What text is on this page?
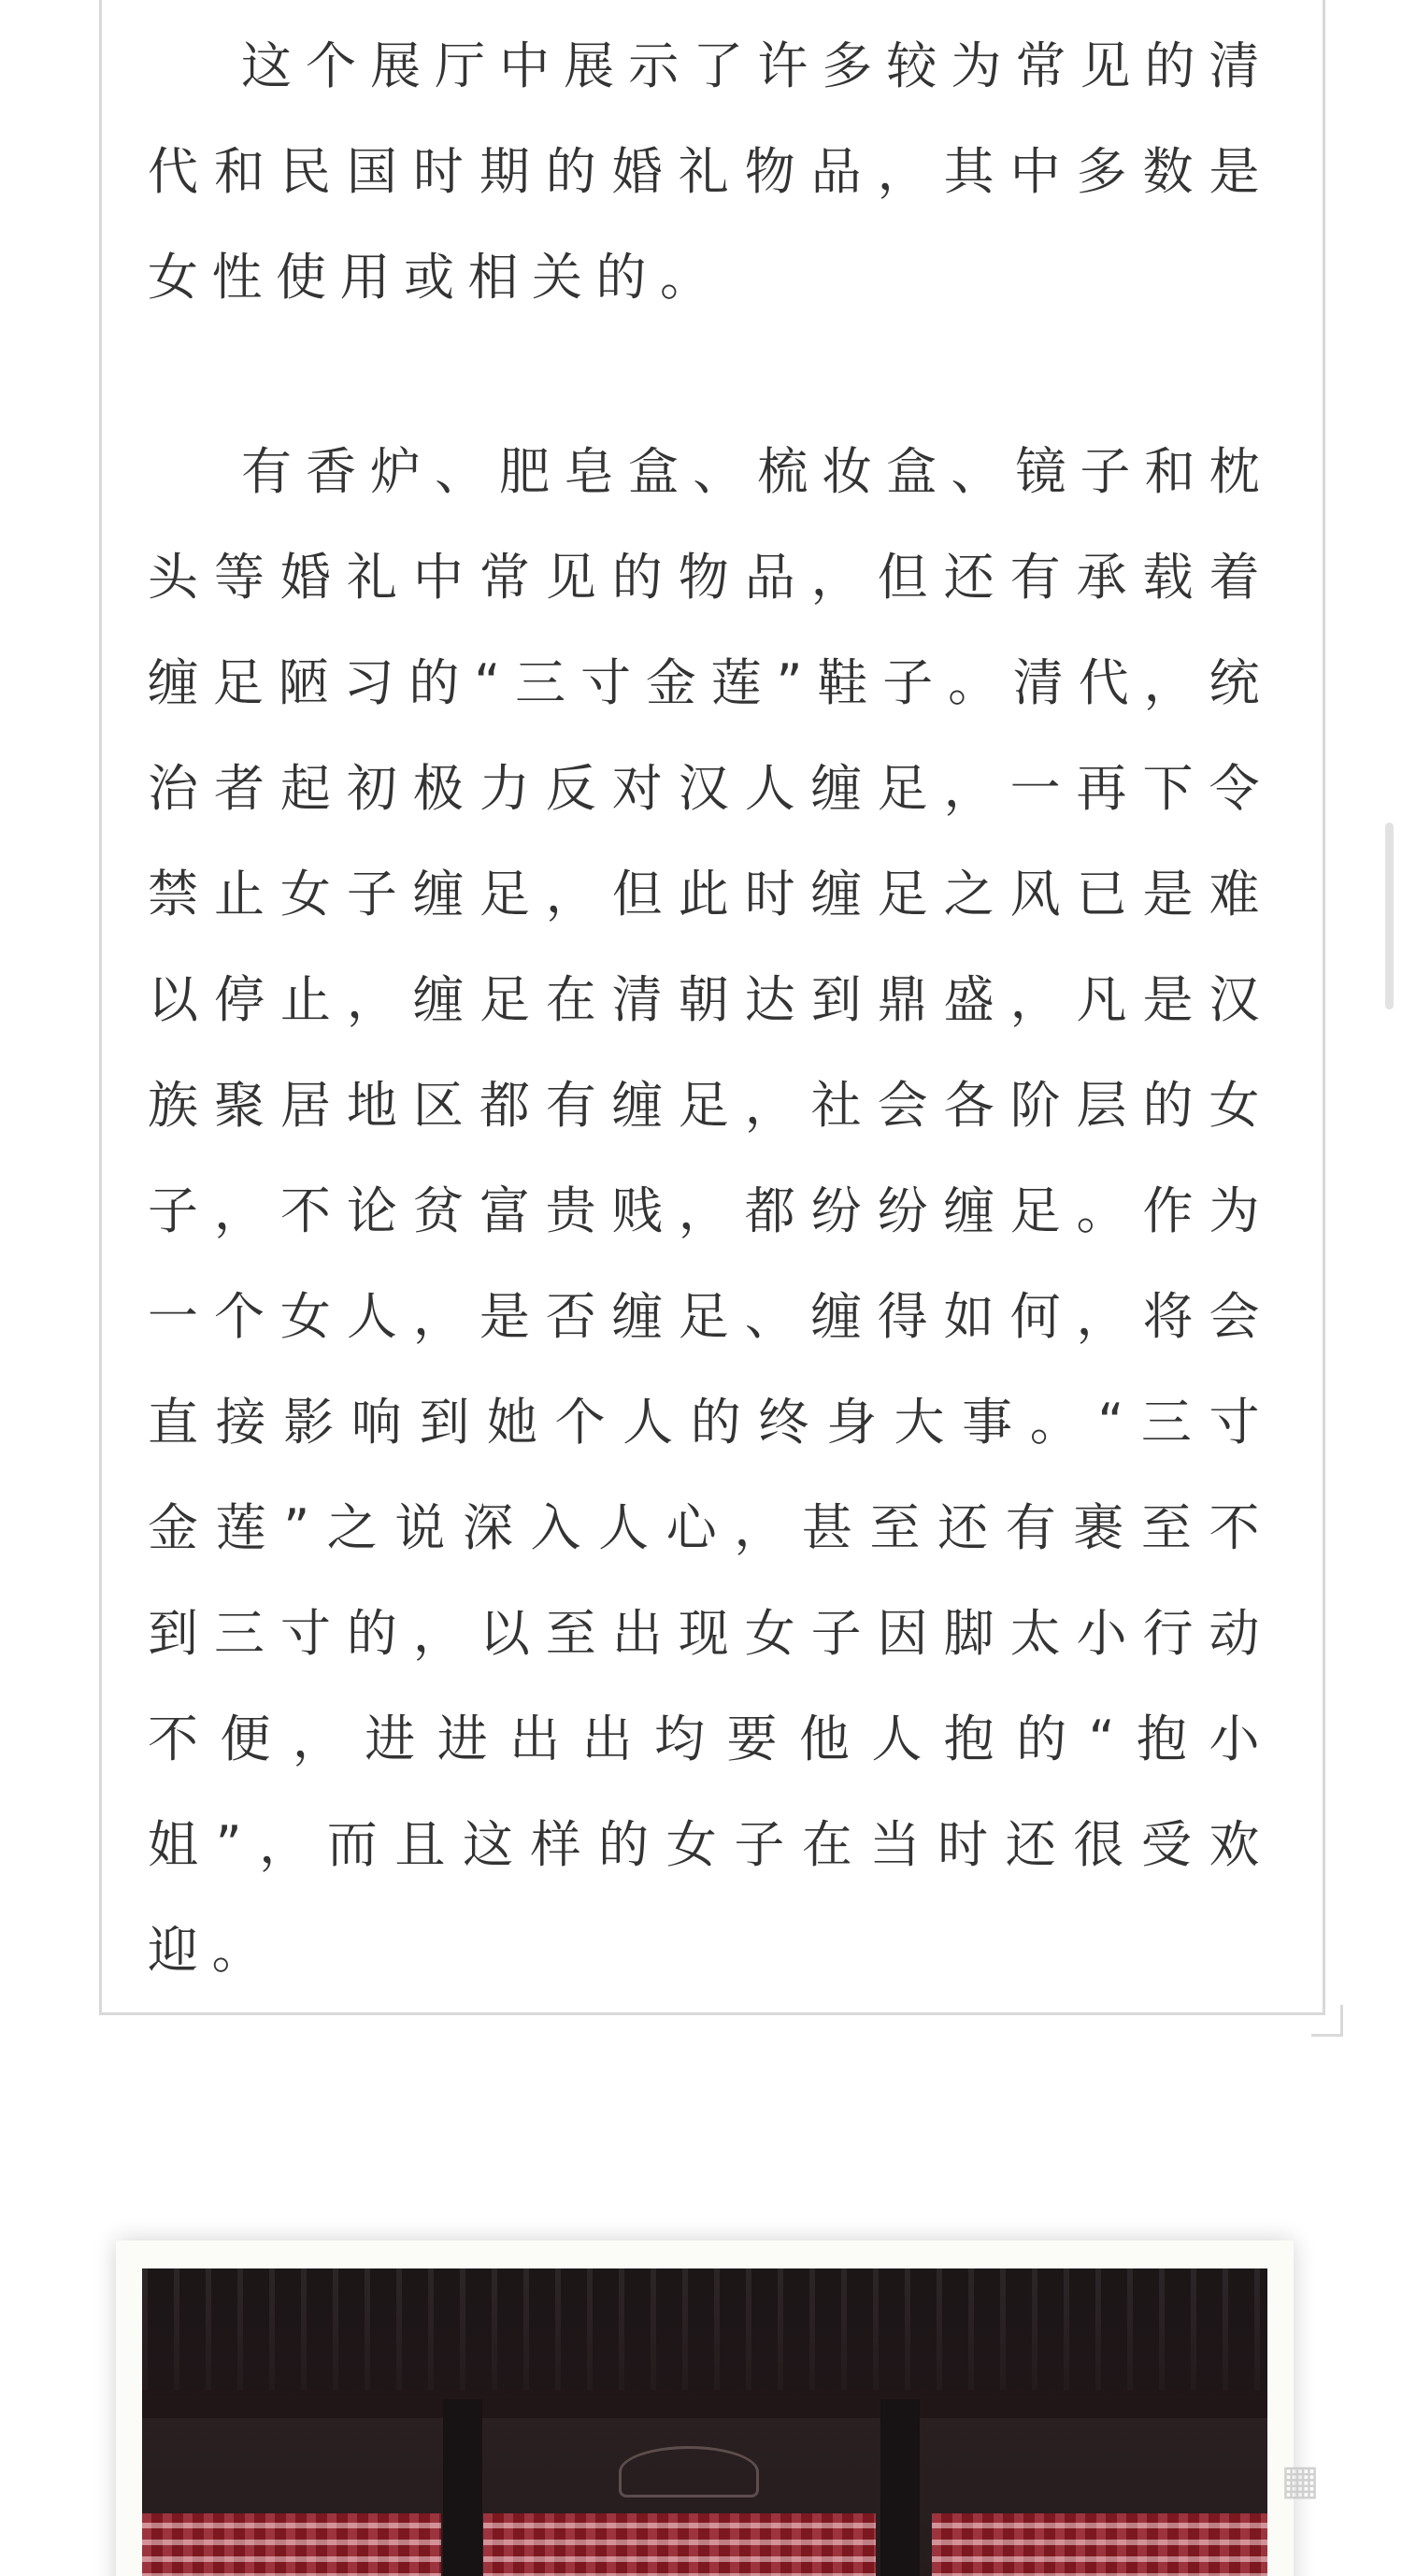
这个展厅中展示了许多较为常见的清代和民国时期的婚礼物品，其中多数是女性使用或相关的。

有香炉、肥皂盒、梳妆盒、镜子和枕头等婚礼中常见的物品，但还有承载着缠足陋习的“三寸金莲”鞋子。清代，统治者起初极力反对汉人缠足，一再下令禁止女子缠足，但此时缠足之风已是难以停止，缠足在清朝达到鼎盛，凡是汉族聚居地区都有缠足，社会各阶层的女子，不论贫富贵贱，都纷纷缠足。作为一个女人，是否缠足、缠得如何，将会直接影响到她个人的终身大事。“三寸金莲”之说深入人心，甚至还有裹至不到三寸的，以至出现女子因脚太小行动不便，进进出出均要他人抱的“抱小姐”，而且这样的女子在当时还很受欢迎。

▦
